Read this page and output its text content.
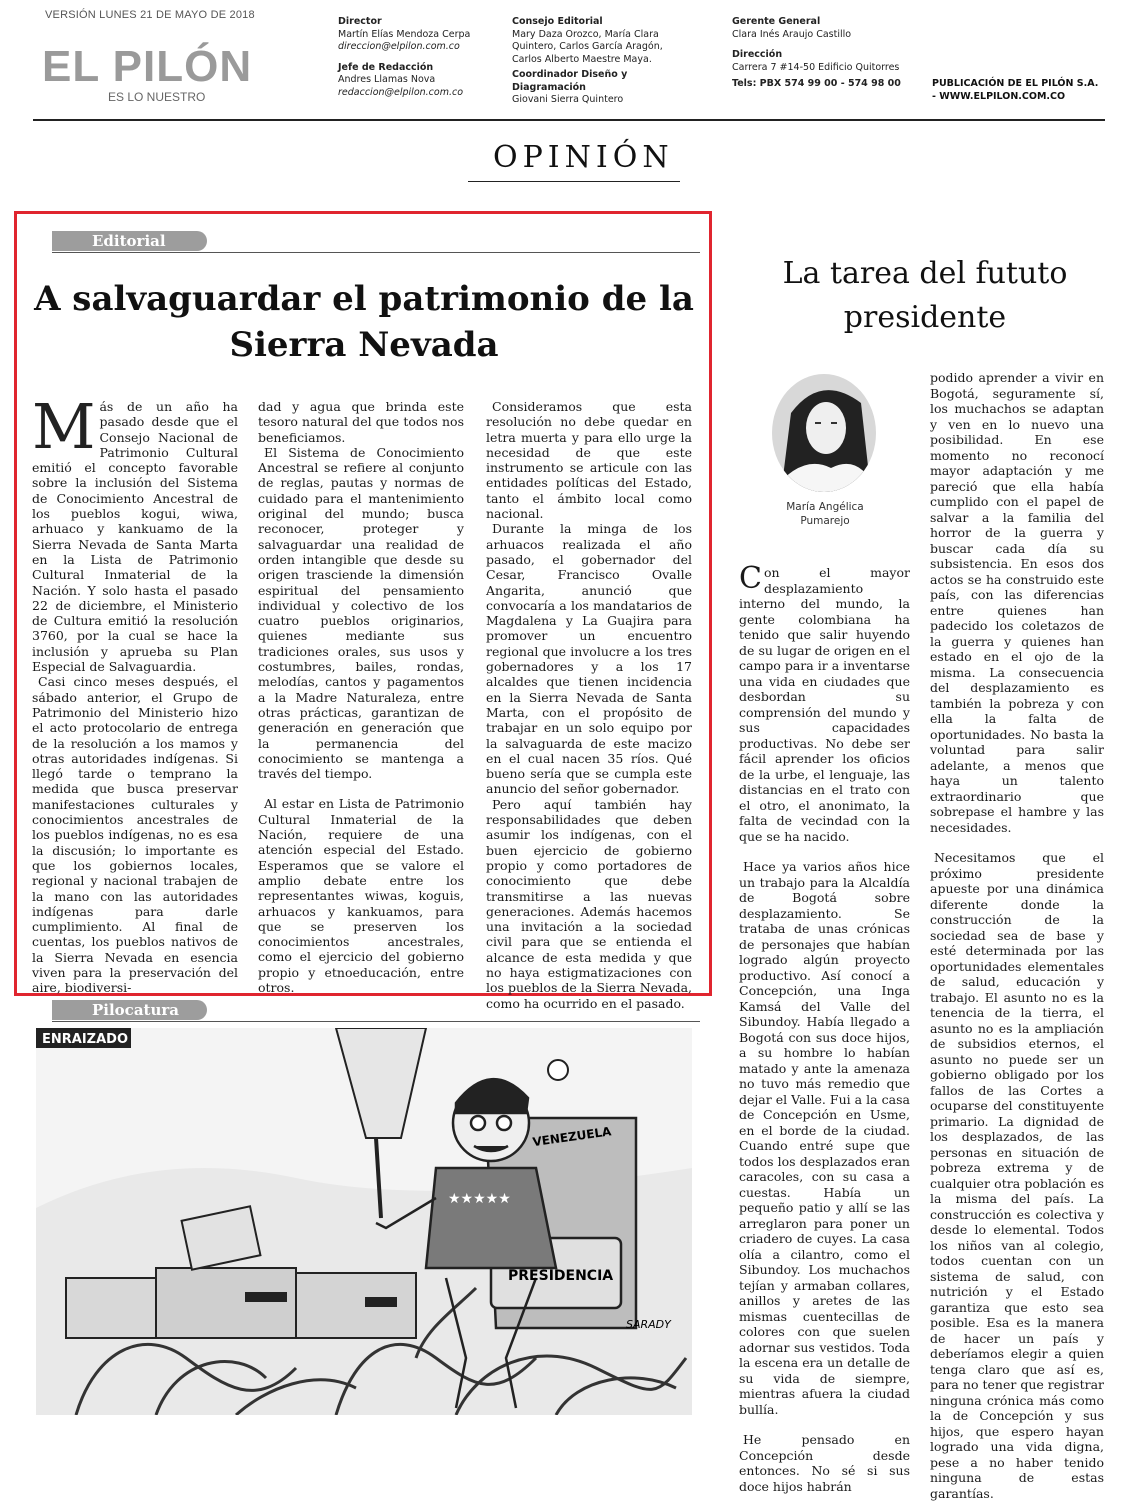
VERSIÓN LUNES 21 DE MAYO DE 2018
EL PILÓN
ES LO NUESTRO
Director
Martín Elías Mendoza Cerpa
direccion@elpilon.com.co
Jefe de Redacción
Andres Llamas Nova
redaccion@elpilon.com.co
Consejo Editorial
Mary Daza Orozco, María Clara Quintero, Carlos García Aragón, Carlos Alberto Maestre Maya.
Coordinador Diseño y Diagramación
Giovani Sierra Quintero
Gerente General
Clara Inés Araujo Castillo
Dirección
Carrera 7 #14-50 Edificio Quitorres
Tels: PBX 574 99 00 - 574 98 00	PUBLICACIÓN DE EL PILÓN S.A. - WWW.ELPILON.COM.CO
OPINIÓN
Editorial
A salvaguardar el patrimonio de la Sierra Nevada
M ás de un año ha pasado desde que el Consejo Nacional de Patrimonio Cultural emitió el concepto favorable sobre la inclusión del Sistema de Conocimiento Ancestral de los pueblos kogui, wiwa, arhuaco y kankuamo de la Sierra Nevada de Santa Marta en la Lista de Patrimonio Cultural Inmaterial de la Nación. Y solo hasta el pasado 22 de diciembre, el Ministerio de Cultura emitió la resolución 3760, por la cual se hace la inclusión y aprueba su Plan Especial de Salvaguardia.

Casi cinco meses después, el sábado anterior, el Grupo de Patrimonio del Ministerio hizo el acto protocolario de entrega de la resolución a los mamos y otras autoridades indígenas. Si llegó tarde o temprano la medida que busca preservar manifestaciones culturales y conocimientos ancestrales de los pueblos indígenas, no es esa la discusión; lo importante es que los gobiernos locales, regional y nacional trabajen de la mano con las autoridades indígenas para darle cumplimiento. Al final de cuentas, los pueblos nativos de la Sierra Nevada en esencia viven para la preservación del aire, biodiversi-

dad y agua que brinda este tesoro natural del que todos nos beneficiamos.

El Sistema de Conocimiento Ancestral se refiere al conjunto de reglas, pautas y normas de cuidado para el mantenimiento original del mundo; busca reconocer, proteger y salvaguardar una realidad de orden intangible que desde su origen trasciende la dimensión espiritual del pensamiento individual y colectivo de los cuatro pueblos originarios, quienes mediante sus tradiciones orales, sus usos y costumbres, bailes, rondas, melodías, cantos y pagamentos a la Madre Naturaleza, entre otras prácticas, garantizan de generación en generación que la permanencia del conocimiento se mantenga a través del tiempo.

Al estar en Lista de Patrimonio Cultural Inmaterial de la Nación, requiere de una atención especial del Estado. Esperamos que se valore el amplio debate entre los representantes wiwas, koguis, arhuacos y kankuamos, para que se preserven los conocimientos ancestrales, como el ejercicio del gobierno propio y etnoeducación, entre otros.

Consideramos que esta resolución no debe quedar en letra muerta y para ello urge la necesidad de que este instrumento se articule con las entidades políticas del Estado, tanto el ámbito local como nacional.

Durante la minga de los arhuacos realizada el año pasado, el gobernador del Cesar, Francisco Ovalle Angarita, anunció que convocaría a los mandatarios de Magdalena y La Guajira para promover un encuentro regional que involucre a los tres gobernadores y a los 17 alcaldes que tienen incidencia en la Sierra Nevada de Santa Marta, con el propósito de trabajar en un solo equipo por la salvaguarda de este macizo en el cual nacen 35 ríos. Qué bueno sería que se cumpla este anuncio del señor gobernador.

Pero aquí también hay responsabilidades que deben asumir los indígenas, con el buen ejercicio de gobierno propio y como portadores de conocimiento que debe transmitirse a las nuevas generaciones. Además hacemos una invitación a la sociedad civil para que se entienda el alcance de esta medida y que no haya estigmatizaciones con los pueblos de la Sierra Nevada, como ha ocurrido en el pasado.

Pilocatura
★★★★★
ENRAIZADO
VENEZUELA
PRESIDENCIA
SARADY
La tarea del fututo presidente
María Angélica
Pumarejo
C on el mayor desplazamiento interno del mundo, la gente colombiana ha tenido que salir huyendo de su lugar de origen en el campo para ir a inventarse una vida en ciudades que desbordan su comprensión del mundo y sus capacidades productivas. No debe ser fácil aprender los oficios de la urbe, el lenguaje, las distancias en el trato con el otro, el anonimato, la falta de vecindad con la que se ha nacido.

Hace ya varios años hice un trabajo para la Alcaldía de Bogotá sobre desplazamiento. Se trataba de unas crónicas de personajes que habían logrado algún proyecto productivo. Así conocí a Concepción, una Inga Kamsá del Valle del Sibundoy. Había llegado a Bogotá con sus doce hijos, a su hombre lo habían matado y ante la amenaza no tuvo más remedio que dejar el Valle. Fui a la casa de Concepción en Usme, en el borde de la ciudad. Cuando entré supe que todos los desplazados eran caracoles, con su casa a cuestas. Había un pequeño patio y allí se las arreglaron para poner un criadero de cuyes. La casa olía a cilantro, como el Sibundoy. Los muchachos tejían y armaban collares, anillos y aretes de las mismas cuentecillas de colores con que suelen adornar sus vestidos. Toda la escena era un detalle de su vida de siempre, mientras afuera la ciudad bullía.

He pensado en Concepción desde entonces. No sé si sus doce hijos habrán

podido aprender a vivir en Bogotá, seguramente sí, los muchachos se adaptan y ven en lo nuevo una posibilidad. En ese momento no reconocí mayor adaptación y me pareció que ella había cumplido con el papel de salvar a la familia del horror de la guerra y buscar cada día su subsistencia. En esos dos actos se ha construido este país, con las diferencias entre quienes han padecido los coletazos de la guerra y quienes han estado en el ojo de la misma. La consecuencia del desplazamiento es también la pobreza y con ella la falta de oportunidades. No basta la voluntad para salir adelante, a menos que haya un talento extraordinario que sobrepase el hambre y las necesidades.

Necesitamos que el próximo presidente apueste por una dinámica diferente donde la construcción de la sociedad sea de base y esté determinada por las oportunidades elementales de salud, educación y trabajo. El asunto no es la tenencia de la tierra, el asunto no es la ampliación de subsidios eternos, el asunto no puede ser un gobierno obligado por los fallos de las Cortes a ocuparse del constituyente primario. La dignidad de los desplazados, de las personas en situación de pobreza extrema y de cualquier otra población es la misma del país. La construcción es colectiva y desde lo elemental. Todos los niños van al colegio, todos cuentan con un sistema de salud, con nutrición y el Estado garantiza que esto sea posible. Esa es la manera de hacer un país y deberíamos elegir a quien tenga claro que así es, para no tener que registrar ninguna crónica más como la de Concepción y sus hijos, que espero hayan logrado una vida digna, pese a no haber tenido ninguna de estas garantías.
